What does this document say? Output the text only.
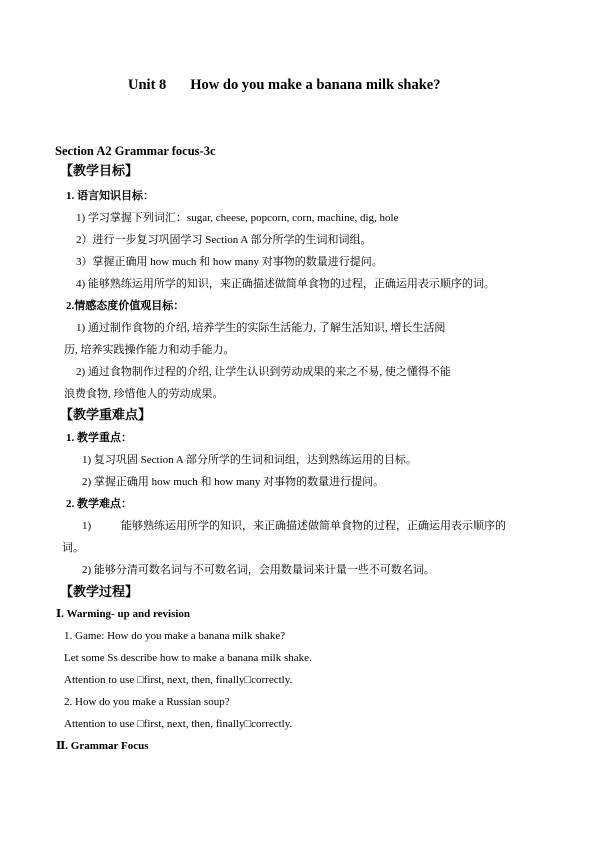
Unit 8 How do you make a banana milk shake?
Section A2 Grammar focus-3c
【教学目标】
1. 语言知识目标：
1) 学习掌握下列词汇：sugar, cheese, popcorn, corn, machine, dig, hole
2）进行一步复习巩固学习 Section A 部分所学的生词和词组。
3）掌握正确用 how much 和 how many 对事物的数量进行提问。
4) 能够熟练运用所学的知识，来正确描述做简单食物的过程，正确运用表示顺序的词。
2.情感态度价值观目标：
1) 通过制作食物的介绍, 培养学生的实际生活能力, 了解生活知识, 增长生活阅
历, 培养实践操作能力和动手能力。
2) 通过食物制作过程的介绍, 让学生认识到劳动成果的来之不易, 使之懂得不能
浪费食物, 珍惜他人的劳动成果。
【教学重难点】
1. 教学重点：
1) 复习巩固 Section A 部分所学的生词和词组，达到熟练运用的目标。
2) 掌握正确用 how much 和 how many 对事物的数量进行提问。
2. 教学难点：
1)	能够熟练运用所学的知识，来正确描述做简单食物的过程，正确运用表示顺序的
词。
2) 能够分清可数名词与不可数名词，会用数量词来计量一些不可数名词。
【教学过程】
Ⅰ. Warming- up and revision
1. Game: How do you make a banana milk shake?
Let some Ss describe how to make a banana milk shake.
Attention to use □first, next, then, finally□correctly.
2. How do you make a Russian soup?
Attention to use □first, next, then, finally□correctly.
Ⅱ. Grammar Focus
